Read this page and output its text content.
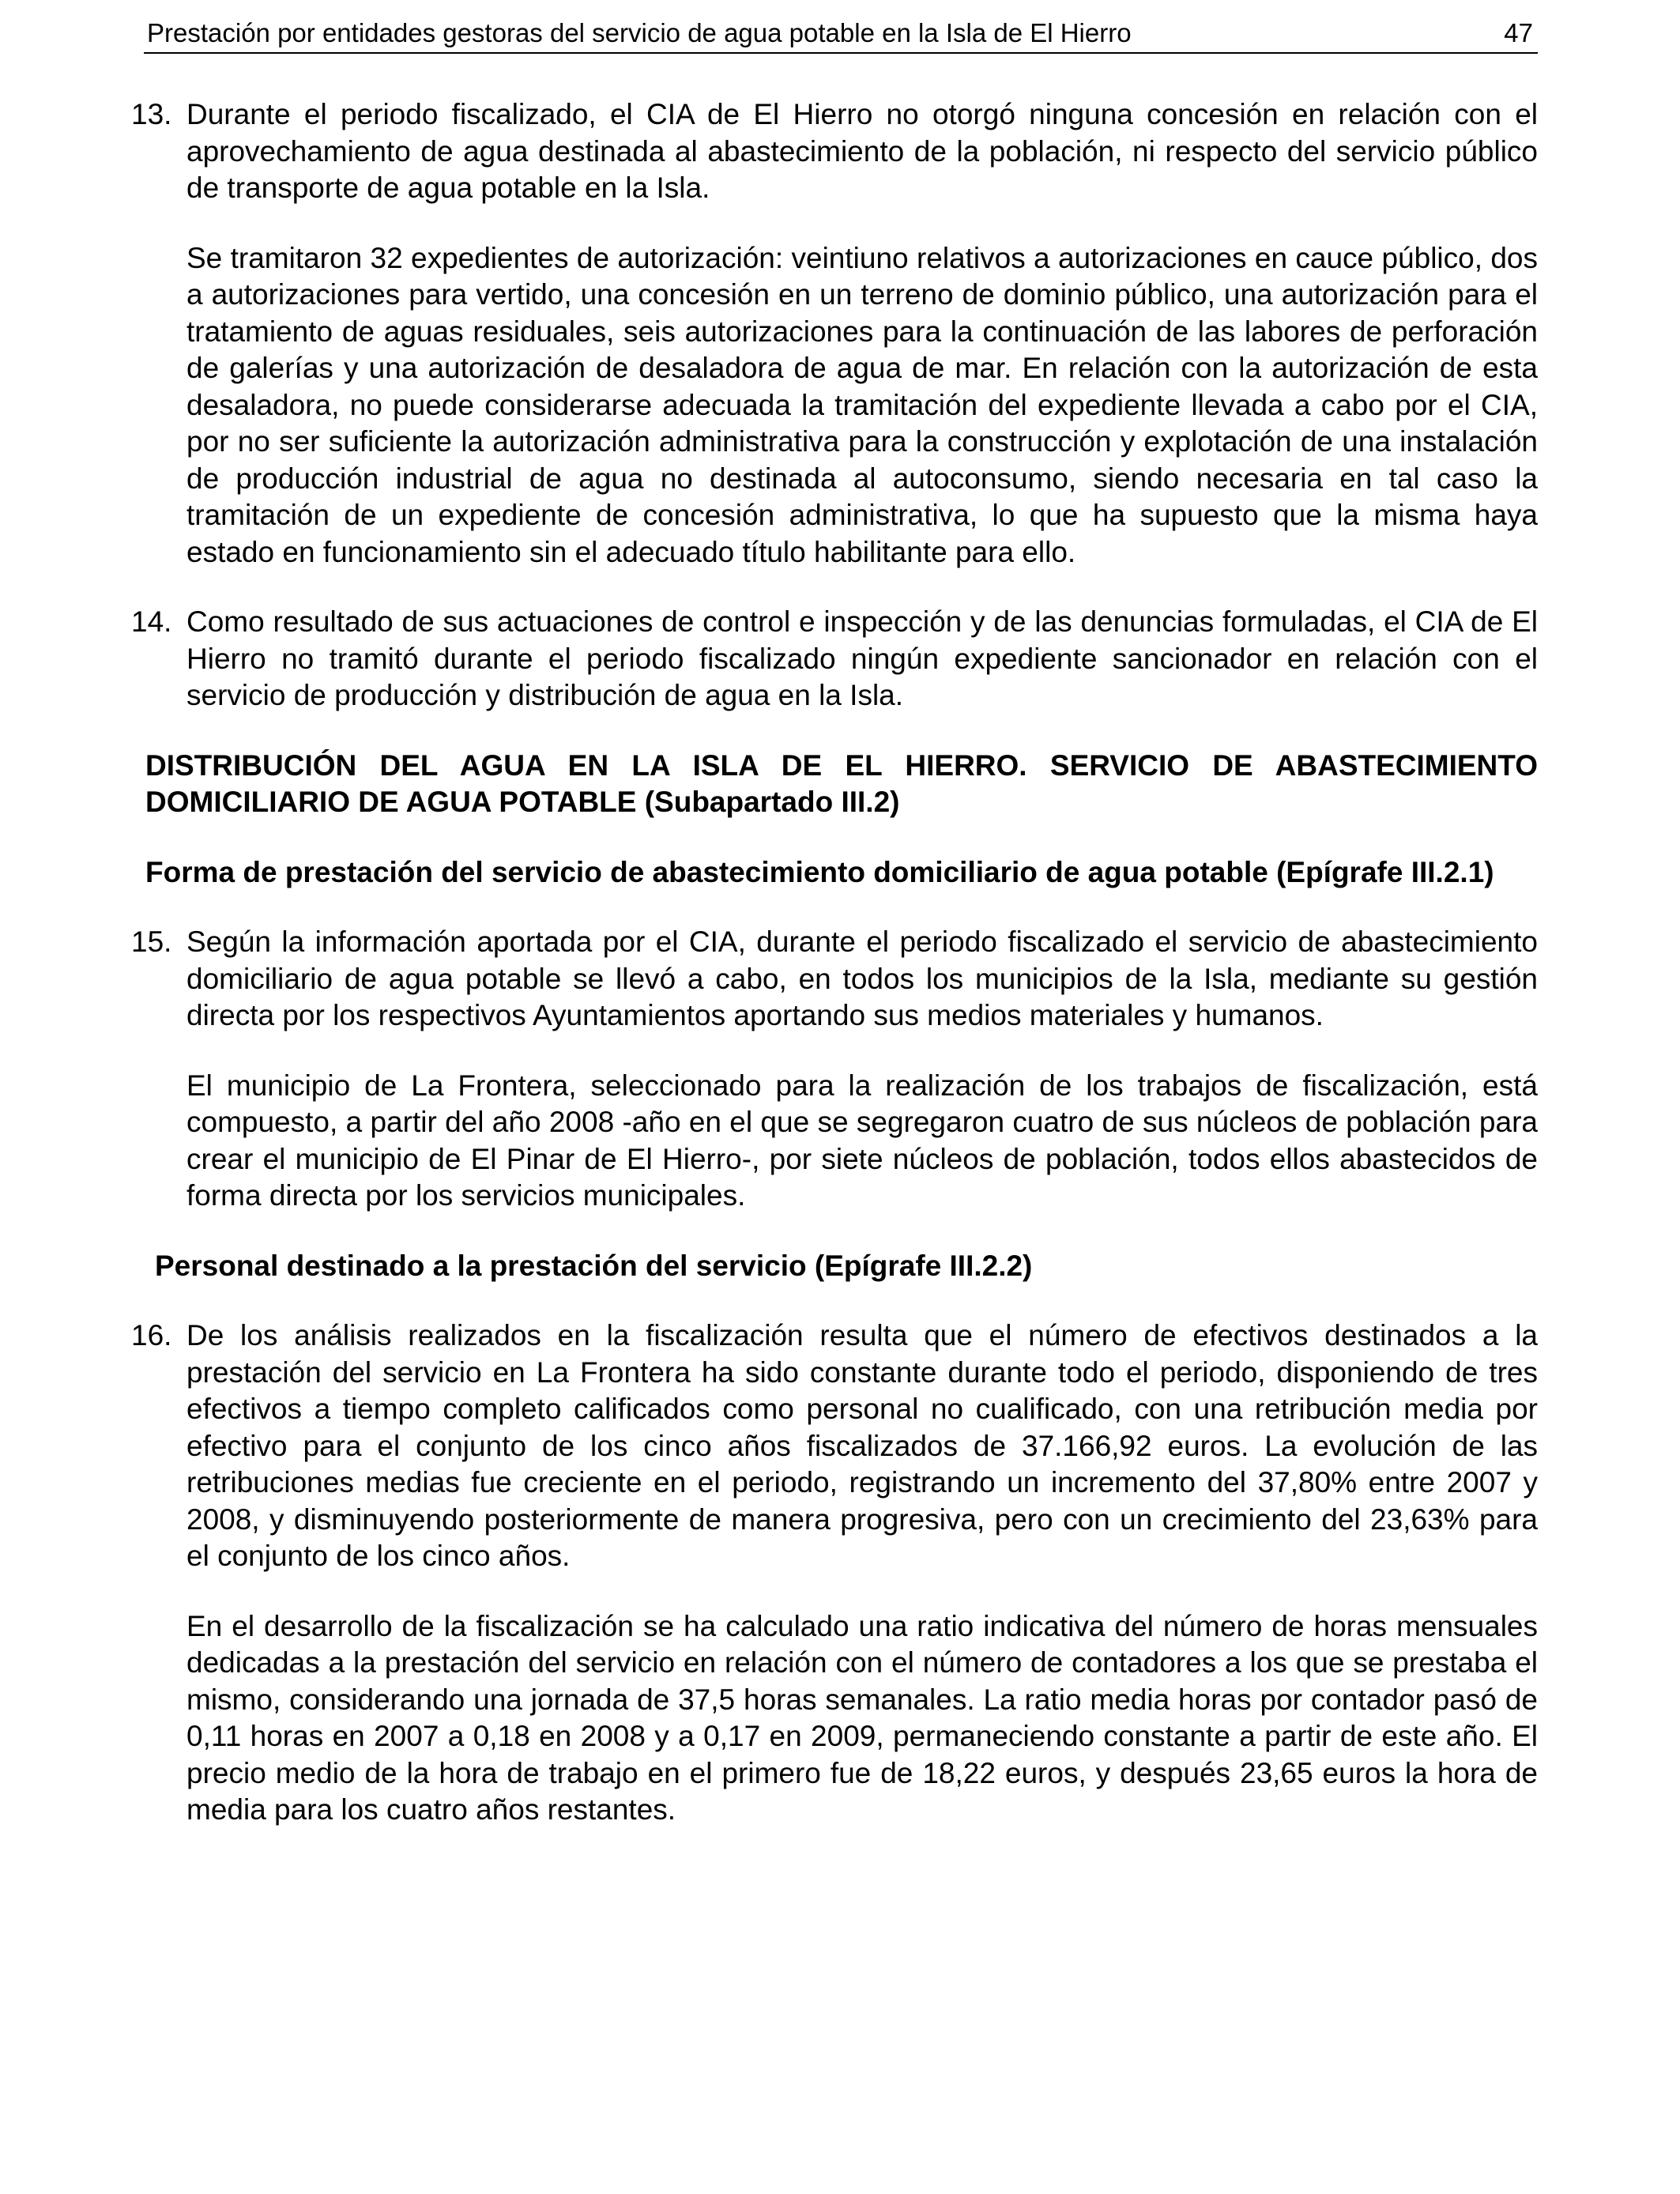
Prestación por entidades gestoras del servicio de agua potable en la Isla de El Hierro	47
13. Durante el periodo fiscalizado, el CIA de El Hierro no otorgó ninguna concesión en relación con el aprovechamiento de agua destinada al abastecimiento de la población, ni respecto del servicio público de transporte de agua potable en la Isla.
Se tramitaron 32 expedientes de autorización: veintiuno relativos a autorizaciones en cauce público, dos a autorizaciones para vertido, una concesión en un terreno de dominio público, una autorización para el tratamiento de aguas residuales, seis autorizaciones para la continuación de las labores de perforación de galerías y una autorización de desaladora de agua de mar. En relación con la autorización de esta desaladora, no puede considerarse adecuada la tramitación del expediente llevada a cabo por el CIA, por no ser suficiente la autorización administrativa para la construcción y explotación de una instalación de producción industrial de agua no destinada al autoconsumo, siendo necesaria en tal caso la tramitación de un expediente de concesión administrativa, lo que ha supuesto que la misma haya estado en funcionamiento sin el adecuado título habilitante para ello.
14. Como resultado de sus actuaciones de control e inspección y de las denuncias formuladas, el CIA de El Hierro no tramitó durante el periodo fiscalizado ningún expediente sancionador en relación con el servicio de producción y distribución de agua en la Isla.
DISTRIBUCIÓN DEL AGUA EN LA ISLA DE EL HIERRO. SERVICIO DE ABASTECIMIENTO DOMICILIARIO DE AGUA POTABLE (Subapartado III.2)
Forma de prestación del servicio de abastecimiento domiciliario de agua potable (Epígrafe III.2.1)
15. Según la información aportada por el CIA, durante el periodo fiscalizado el servicio de abastecimiento domiciliario de agua potable se llevó a cabo, en todos los municipios de la Isla, mediante su gestión directa por los respectivos Ayuntamientos aportando sus medios materiales y humanos.
El municipio de La Frontera, seleccionado para la realización de los trabajos de fiscalización, está compuesto, a partir del año 2008 -año en el que se segregaron cuatro de sus núcleos de población para crear el municipio de El Pinar de El Hierro-, por siete núcleos de población, todos ellos abastecidos de forma directa por los servicios municipales.
Personal destinado a la prestación del servicio (Epígrafe III.2.2)
16. De los análisis realizados en la fiscalización resulta que el número de efectivos destinados a la prestación del servicio en La Frontera ha sido constante durante todo el periodo, disponiendo de tres efectivos a tiempo completo calificados como personal no cualificado, con una retribución media por efectivo para el conjunto de los cinco años fiscalizados de 37.166,92 euros. La evolución de las retribuciones medias fue creciente en el periodo, registrando un incremento del 37,80% entre 2007 y 2008, y disminuyendo posteriormente de manera progresiva, pero con un crecimiento del 23,63% para el conjunto de los cinco años.
En el desarrollo de la fiscalización se ha calculado una ratio indicativa del número de horas mensuales dedicadas a la prestación del servicio en relación con el número de contadores a los que se prestaba el mismo, considerando una jornada de 37,5 horas semanales. La ratio media horas por contador pasó de 0,11 horas en 2007 a 0,18 en 2008 y a 0,17 en 2009, permaneciendo constante a partir de este año. El precio medio de la hora de trabajo en el primero fue de 18,22 euros, y después 23,65 euros la hora de media para los cuatro años restantes.
